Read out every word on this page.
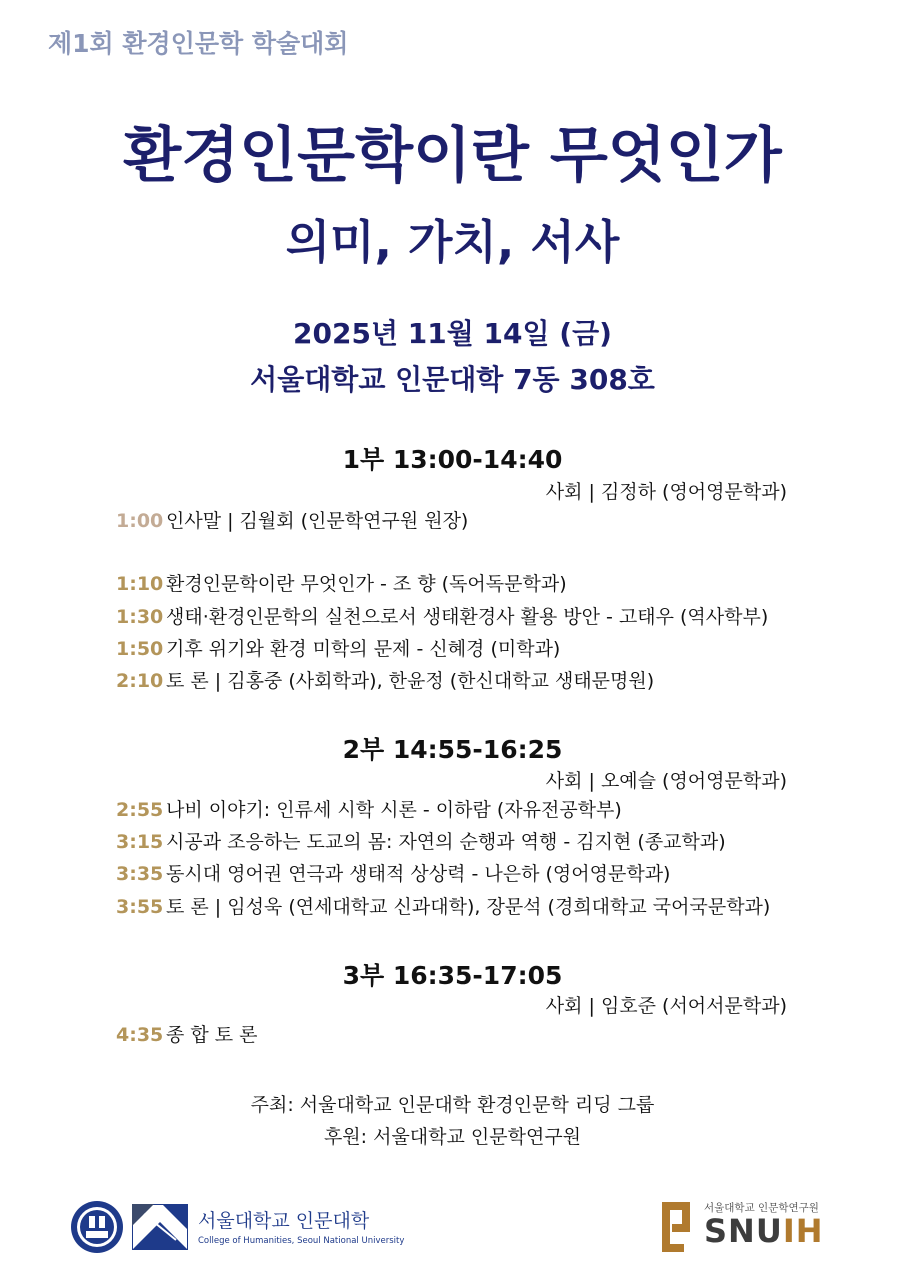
제1회 환경인문학 학술대회
환경인문학이란 무엇인가
의미, 가치, 서사
2025년 11월 14일 (금)
서울대학교 인문대학 7동 308호
1부 13:00-14:40
사회 | 김정하 (영어영문학과)
1:00 인사말 | 김월회 (인문학연구원 원장)
1:10 환경인문학이란 무엇인가 - 조 향 (독어독문학과)
1:30 생태·환경인문학의 실천으로서 생태환경사 활용 방안 - 고태우 (역사학부)
1:50 기후 위기와 환경 미학의 문제 - 신혜경 (미학과)
2:10 토 론 | 김홍중 (사회학과), 한윤정 (한신대학교 생태문명원)
2부 14:55-16:25
사회 | 오예슬 (영어영문학과)
2:55 나비 이야기: 인류세 시학 시론 - 이하람 (자유전공학부)
3:15 시공과 조응하는 도교의 몸: 자연의 순행과 역행 - 김지현 (종교학과)
3:35 동시대 영어권 연극과 생태적 상상력 - 나은하 (영어영문학과)
3:55 토 론 | 임성욱 (연세대학교 신과대학), 장문석 (경희대학교 국어국문학과)
3부 16:35-17:05
사회 | 임호준 (서어서문학과)
4:35 종 합 토 론
주최: 서울대학교 인문대학 환경인문학 리딩 그룹
후원: 서울대학교 인문학연구원
서울대학교 인문대학
College of Humanities, Seoul National University
서울대학교 인문학연구원
SNUIH
